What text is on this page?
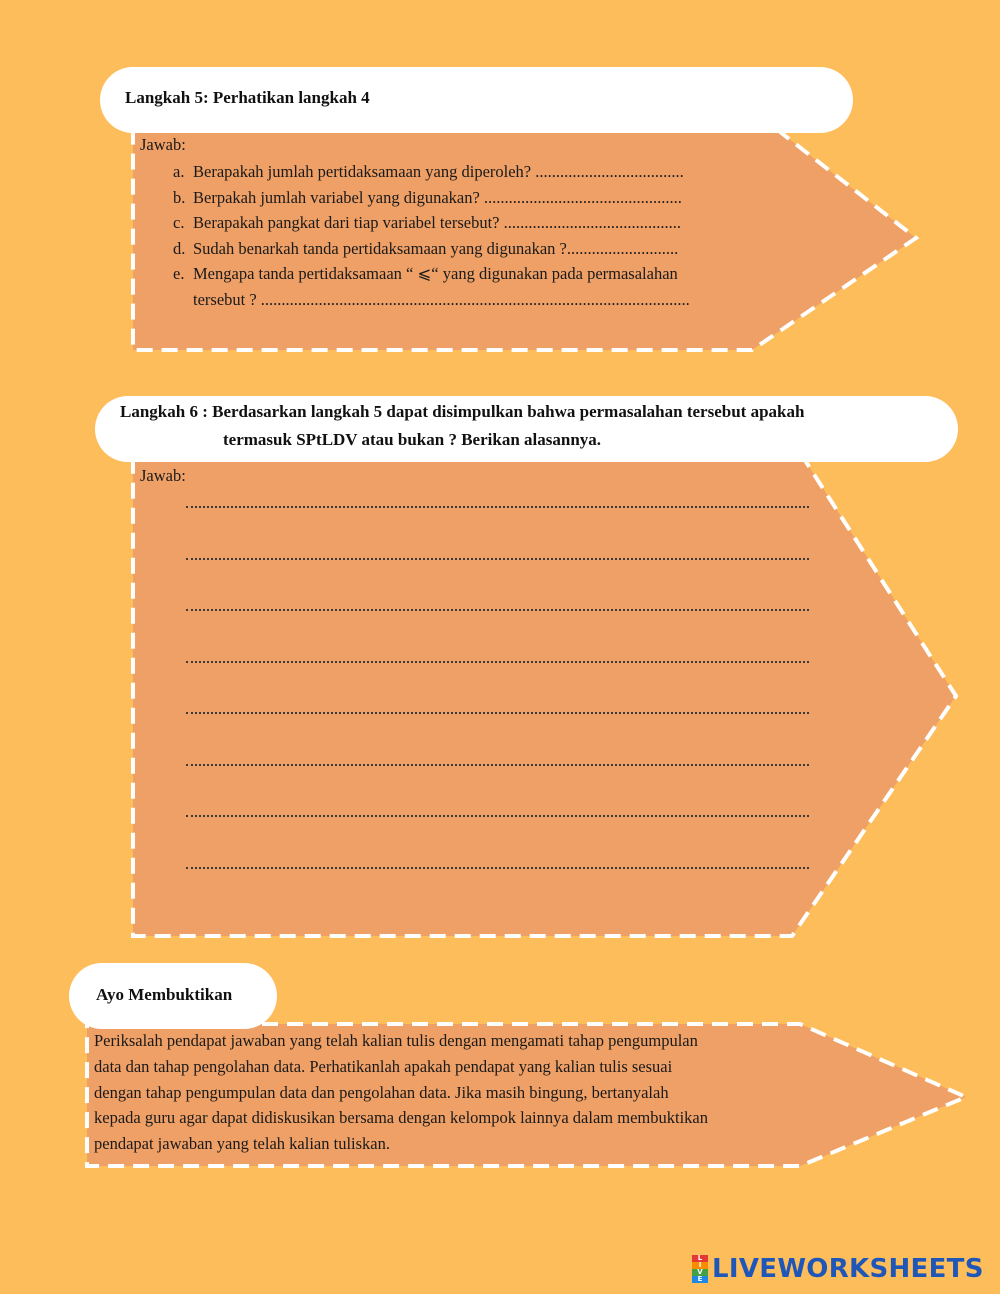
Langkah 5: Perhatikan langkah 4
Jawab:
a. Berapakah jumlah pertidaksamaan yang diperoleh? ....................................
b. Berpakah jumlah variabel yang digunakan? ................................................
c. Berapakah pangkat dari tiap variabel tersebut? ...........................................
d. Sudah benarkah tanda pertidaksamaan yang digunakan ?...........................
e. Mengapa tanda pertidaksamaan “ ⩽“ yang digunakan pada permasalahan
tersebut ? ........................................................................................................
Langkah 6 : Berdasarkan langkah 5 dapat disimpulkan bahwa permasalahan tersebut apakah
termasuk SPtLDV atau bukan ? Berikan alasannya.
Jawab:
Ayo Membuktikan
Periksalah pendapat jawaban yang telah kalian tulis dengan mengamati tahap pengumpulan
data dan tahap pengolahan data. Perhatikanlah apakah pendapat yang kalian tulis sesuai
dengan tahap pengumpulan data dan pengolahan data. Jika masih bingung, bertanyalah
kepada guru agar dapat didiskusikan bersama dengan kelompok lainnya dalam membuktikan
pendapat jawaban yang telah kalian tuliskan.
L
I
V
E LIVEWORKSHEETS
